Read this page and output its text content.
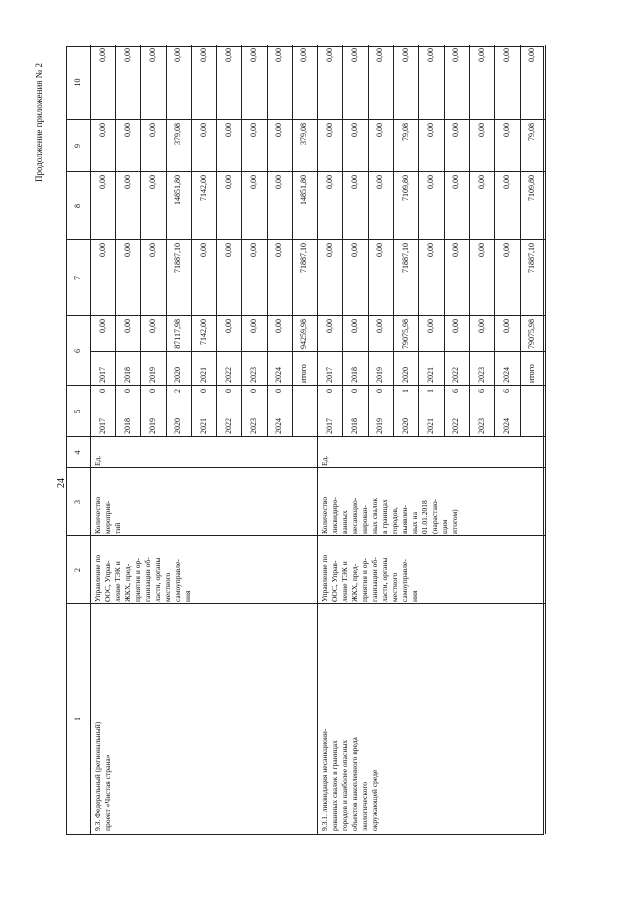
24
Продолжение приложения № 2
1
2
3
4
5
6
7
8
9
10
9.3. Федеральный (региональный) проект «Чистая страна»
Управление по ООС, Управ- ление ТЭК и ЖКХ, пред- приятия и ор- ганизации об- ласти, органы местного самоуправле- ния
Количество мероприя- тий
Ед.
2017
0
2017
0,00
0,00
0,00
0,00
0,00
2018
0
2018
0,00
0,00
0,00
0,00
0,00
2019
0
2019
0,00
0,00
0,00
0,00
0,00
2020
2
2020
87117,98
71887,10
14851,80
379,08
0,00
2021
0
2021
7142,00
0,00
7142,00
0,00
0,00
2022
0
2022
0,00
0,00
0,00
0,00
0,00
2023
0
2023
0,00
0,00
0,00
0,00
0,00
2024
0
2024
0,00
0,00
0,00
0,00
0,00
итого
94259,98
71887,10
14851,80
379,08
0,00
9.3.1. ликвидация несанкциони- рованных свалок в границах городов и наиболее опасных объектов накопленного вреда экологического окружающей среде
Управление по ООС, Управ- ление ТЭК и ЖКХ, пред- приятия и ор- ганизации об- ласти, органы местного самоуправле- ния
Количество ликвидиро- ванных несанкцио- нирован- ных свалок в границах городов, выявлен- ных на 01.01.2018 (нарастаю- щим итогом)
Ед.
2017
0
2017
0,00
0,00
0,00
0,00
0,00
2018
0
2018
0,00
0,00
0,00
0,00
0,00
2019
0
2019
0,00
0,00
0,00
0,00
0,00
2020
1
2020
79075,98
71887,10
7109,80
79,08
0,00
2021
1
2021
0,00
0,00
0,00
0,00
0,00
2022
6
2022
0,00
0,00
0,00
0,00
0,00
2023
6
2023
0,00
0,00
0,00
0,00
0,00
2024
6
2024
0,00
0,00
0,00
0,00
0,00
итого
79075,98
71887,10
7109,80
79,08
0,00
